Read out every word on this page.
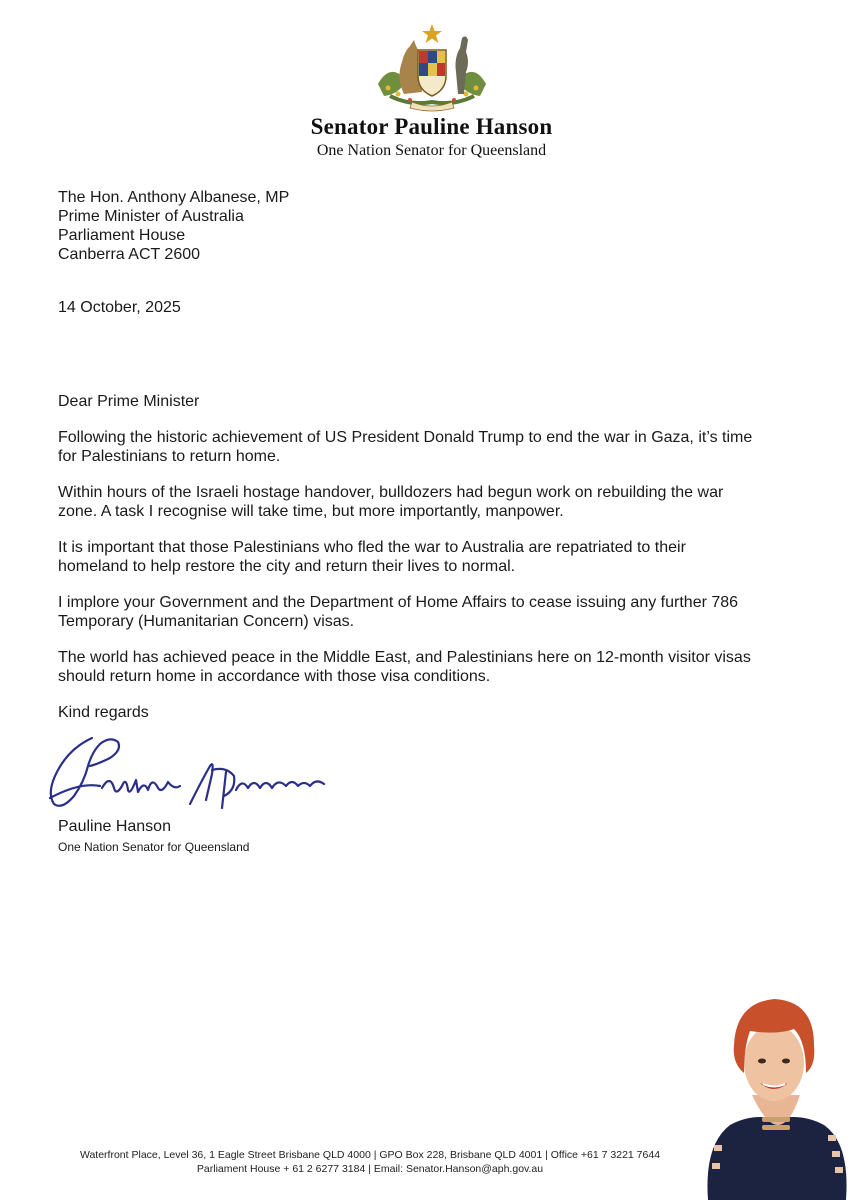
Senator Pauline Hanson
One Nation Senator for Queensland
The Hon. Anthony Albanese, MP
Prime Minister of Australia
Parliament House
Canberra ACT 2600
14 October, 2025

Dear Prime Minister

Following the historic achievement of US President Donald Trump to end the war in Gaza, it’s time
for Palestinians to return home.

Within hours of the Israeli hostage handover, bulldozers had begun work on rebuilding the war
zone. A task I recognise will take time, but more importantly, manpower.

It is important that those Palestinians who fled the war to Australia are repatriated to their
homeland to help restore the city and return their lives to normal.

I implore your Government and the Department of Home Affairs to cease issuing any further 786
Temporary (Humanitarian Concern) visas.

The world has achieved peace in the Middle East, and Palestinians here on 12-month visitor visas
should return home in accordance with those visa conditions.

Kind regards

Pauline Hanson
One Nation Senator for Queensland
Waterfront Place, Level 36, 1 Eagle Street Brisbane QLD 4000 | GPO Box 228, Brisbane QLD 4001 | Office +61 7 3221 7644
Parliament House + 61 2 6277 3184 | Email: Senator.Hanson@aph.gov.au
